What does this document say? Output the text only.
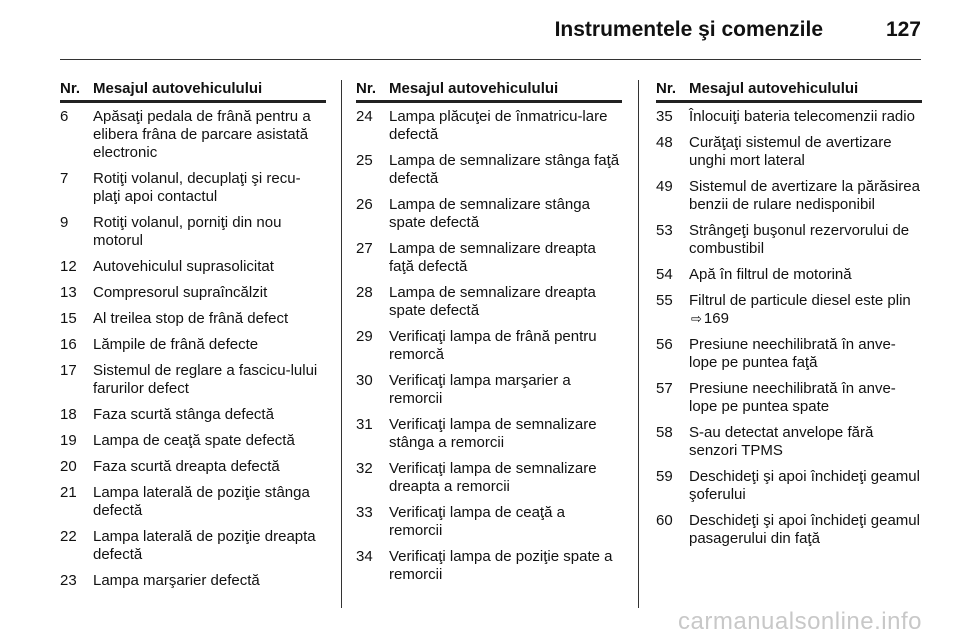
Instrumentele şi comenzile	127
Nr. Mesajul autovehiculului
6	Apăsaţi pedala de frână pentru a elibera frâna de parcare asistată electronic
7	Rotiţi volanul, decuplaţi şi recu-plaţi apoi contactul
9	Rotiţi volanul, porniţi din nou motorul
12	Autovehiculul suprasolicitat
13	Compresorul supraîncălzit
15	Al treilea stop de frână defect
16	Lămpile de frână defecte
17	Sistemul de reglare a fascicu-lului farurilor defect
18	Faza scurtă stânga defectă
19	Lampa de ceaţă spate defectă
20	Faza scurtă dreapta defectă
21	Lampa laterală de poziţie stânga defectă
22	Lampa laterală de poziţie dreapta defectă
23	Lampa marşarier defectă
Nr. Mesajul autovehiculului
24	Lampa plăcuţei de înmatricu-lare defectă
25	Lampa de semnalizare stânga faţă defectă
26	Lampa de semnalizare stânga spate defectă
27	Lampa de semnalizare dreapta faţă defectă
28	Lampa de semnalizare dreapta spate defectă
29	Verificaţi lampa de frână pentru remorcă
30	Verificaţi lampa marşarier a remorcii
31	Verificaţi lampa de semnalizare stânga a remorcii
32	Verificaţi lampa de semnalizare dreapta a remorcii
33	Verificaţi lampa de ceaţă a remorcii
34	Verificaţi lampa de poziţie spate a remorcii
Nr. Mesajul autovehiculului
35	Înlocuiţi bateria telecomenzii radio
48	Curăţaţi sistemul de avertizare unghi mort lateral
49	Sistemul de avertizare la părăsirea benzii de rulare nedisponibil
53	Strângeţi buşonul rezervorului de combustibil
54	Apă în filtrul de motorină
55	Filtrul de particule diesel este plin ⇨ 169
56	Presiune neechilibrată în anve-lope pe puntea faţă
57	Presiune neechilibrată în anve-lope pe puntea spate
58	S-au detectat anvelope fără senzori TPMS
59	Deschideţi şi apoi închideţi geamul şoferului
60	Deschideţi şi apoi închideţi geamul pasagerului din faţă
carmanualsonline.info
